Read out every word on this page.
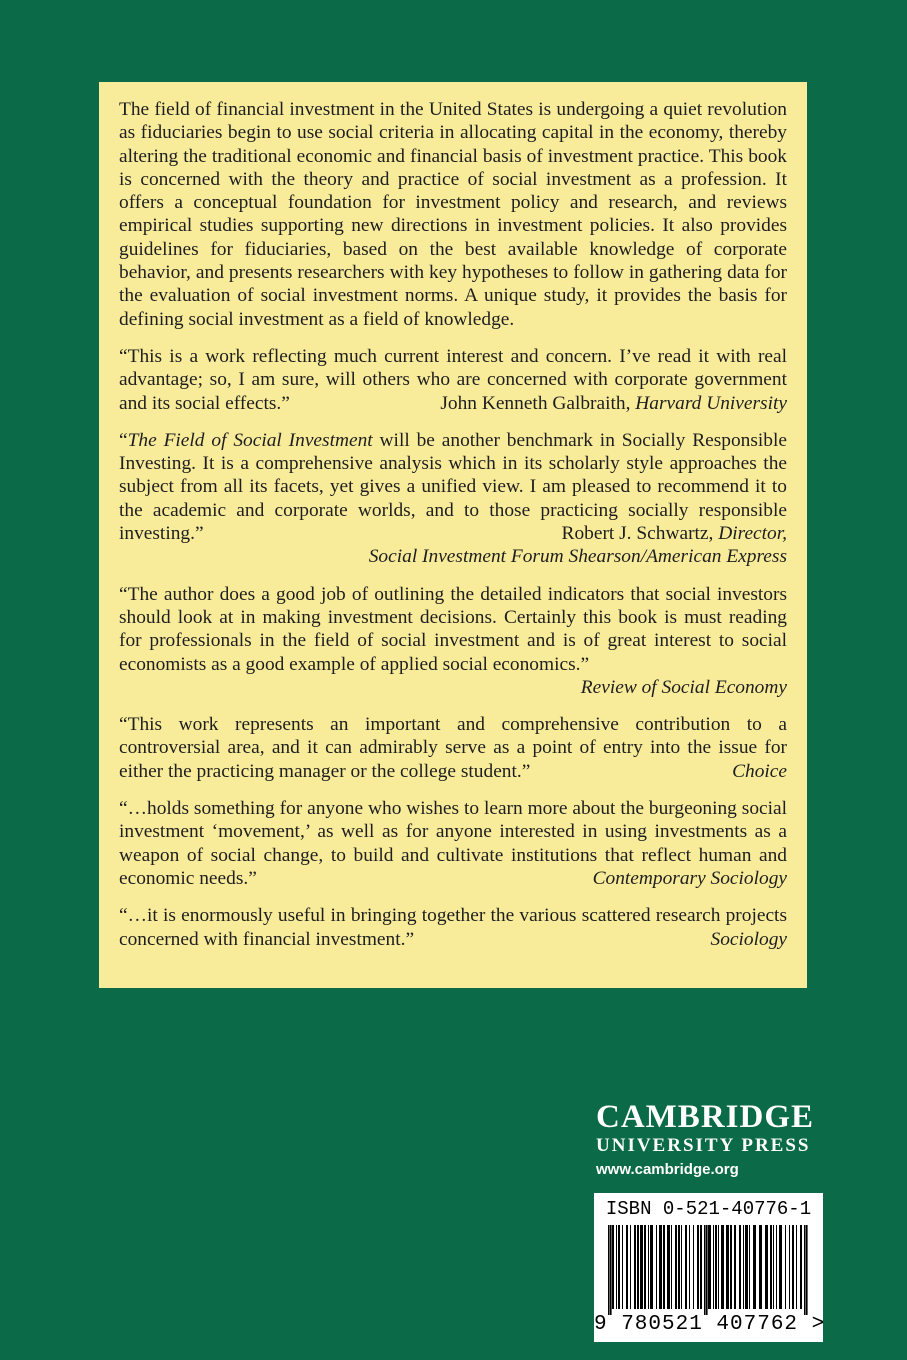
The field of financial investment in the United States is undergoing a quiet revolution as fiduciaries begin to use social criteria in allocating capital in the economy, thereby altering the traditional economic and financial basis of investment practice. This book is concerned with the theory and practice of social investment as a profession. It offers a conceptual foundation for investment policy and research, and reviews empirical studies supporting new directions in investment policies. It also provides guidelines for fiduciaries, based on the best available knowledge of corporate behavior, and presents researchers with key hypotheses to follow in gathering data for the evaluation of social investment norms. A unique study, it provides the basis for defining social investment as a field of knowledge.

“This is a work reflecting much current interest and concern. I’ve read it with real advantage; so, I am sure, will others who are concerned with corporate government and its social effects.”	John Kenneth Galbraith, Harvard University

“The Field of Social Investment will be another benchmark in Socially Responsible Investing. It is a comprehensive analysis which in its scholarly style approaches the subject from all its facets, yet gives a unified view. I am pleased to recommend it to the academic and corporate worlds, and to those practicing socially responsible investing.”	Robert J. Schwartz, Director,
Social Investment Forum Shearson/American Express

“The author does a good job of outlining the detailed indicators that social investors should look at in making investment decisions. Certainly this book is must reading for professionals in the field of social investment and is of great interest to social economists as a good example of applied social economics.”
Review of Social Economy

“This work represents an important and comprehensive contribution to a controversial area, and it can admirably serve as a point of entry into the issue for either the practicing manager or the college student.”	Choice

“…holds something for anyone who wishes to learn more about the burgeoning social investment ‘movement,’ as well as for anyone interested in using investments as a weapon of social change, to build and cultivate institutions that reflect human and economic needs.”	Contemporary Sociology

“…it is enormously useful in bringing together the various scattered research projects concerned with financial investment.”	Sociology

CAMBRIDGE

UNIVERSITY PRESS

www.cambridge.org

ISBN 0-521-40776-1
9 780521 407762 >
